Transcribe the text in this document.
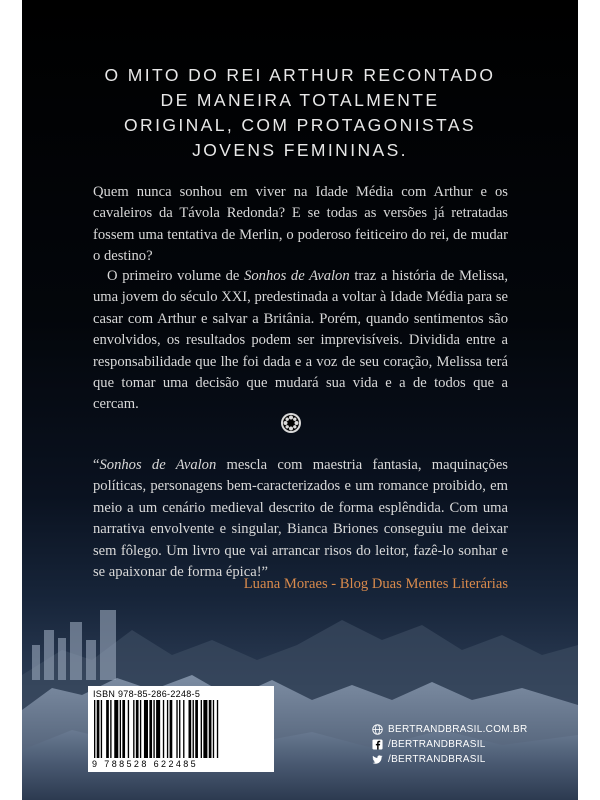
O MITO DO REI ARTHUR RECONTADO
DE MANEIRA TOTALMENTE
ORIGINAL, COM PROTAGONISTAS
JOVENS FEMININAS.

Quem nunca sonhou em viver na Idade Média com Arthur e os cavaleiros da Távola Redonda? E se todas as versões já retratadas fossem uma tentativa de Merlin, o poderoso feiticeiro do rei, de mudar o destino?

O primeiro volume de Sonhos de Avalon traz a história de Melissa, uma jovem do século XXI, predestinada a voltar à Idade Média para se casar com Arthur e salvar a Britânia. Porém, quando sentimentos são envolvidos, os resultados podem ser imprevisíveis. Dividida entre a responsabilidade que lhe foi dada e a voz de seu coração, Melissa terá que tomar uma decisão que mudará sua vida e a de todos que a cercam.

“Sonhos de Avalon mescla com maestria fantasia, maquinações políticas, personagens bem-caracterizados e um romance proibido, em meio a um cenário medieval descrito de forma esplêndida. Com uma narrativa envolvente e singular, Bianca Briones conseguiu me deixar sem fôlego. Um livro que vai arrancar risos do leitor, fazê-lo sonhar e se apaixonar de forma épica!”

Luana Moraes - Blog Duas Mentes Literárias
ISBN 978-85-286-2248-5
9 788528 622485
BERTRANDBRASIL.COM.BR
/BERTRANDBRASIL
/BERTRANDBRASIL
